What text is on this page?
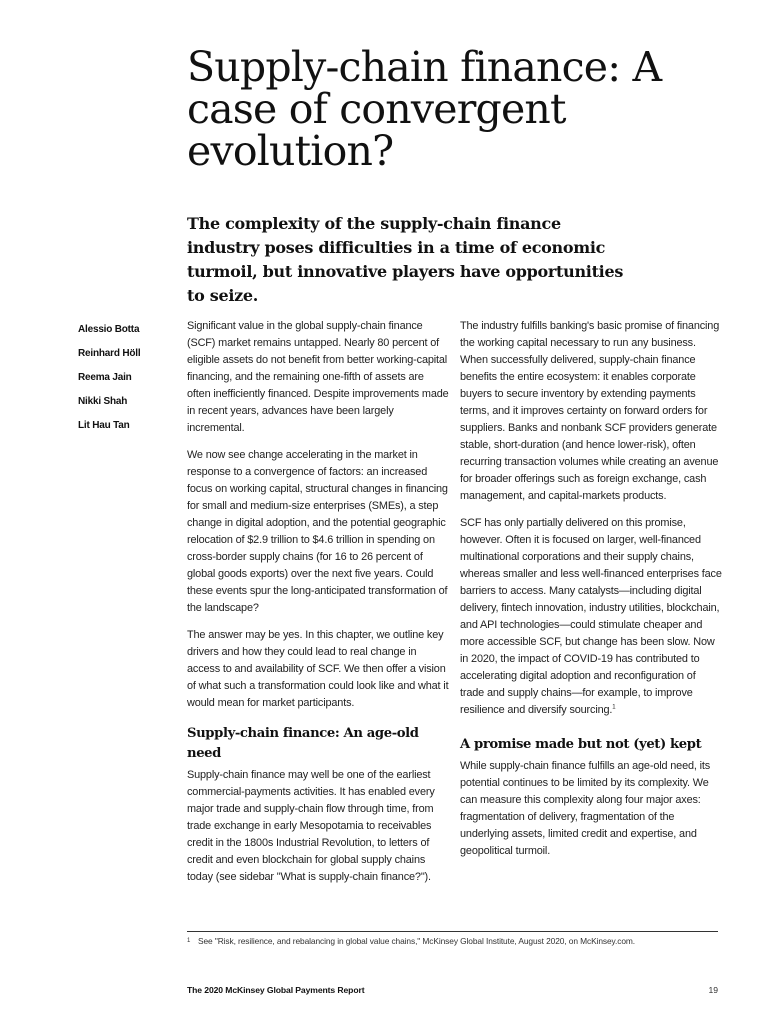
Supply-chain finance: A case of convergent evolution?

The complexity of the supply-chain finance industry poses difficulties in a time of economic turmoil, but innovative players have opportunities to seize.

Alessio Botta
Reinhard Höll
Reema Jain
Nikki Shah
Lit Hau Tan

Significant value in the global supply-chain finance (SCF) market remains untapped. Nearly 80 percent of eligible assets do not benefit from better working-capital financing, and the remaining one-fifth of assets are often inefficiently financed. Despite improvements made in recent years, advances have been largely incremental.

We now see change accelerating in the market in response to a convergence of factors: an increased focus on working capital, structural changes in financing for small and medium-size enterprises (SMEs), a step change in digital adoption, and the potential geographic relocation of $2.9 trillion to $4.6 trillion in spending on cross-border supply chains (for 16 to 26 percent of global goods exports) over the next five years. Could these events spur the long-anticipated transformation of the landscape?

The answer may be yes. In this chapter, we outline key drivers and how they could lead to real change in access to and availability of SCF. We then offer a vision of what such a transformation could look like and what it would mean for market participants.

Supply-chain finance: An age-old need

Supply-chain finance may well be one of the earliest commercial-payments activities. It has enabled every major trade and supply-chain flow through time, from trade exchange in early Mesopotamia to receivables credit in the 1800s Industrial Revolution, to letters of credit and even blockchain for global supply chains today (see sidebar "What is supply-chain finance?").

The industry fulfills banking's basic promise of financing the working capital necessary to run any business. When successfully delivered, supply-chain finance benefits the entire ecosystem: it enables corporate buyers to secure inventory by extending payments terms, and it improves certainty on forward orders for suppliers. Banks and nonbank SCF providers generate stable, short-duration (and hence lower-risk), often recurring transaction volumes while creating an avenue for broader offerings such as foreign exchange, cash management, and capital-markets products.

SCF has only partially delivered on this promise, however. Often it is focused on larger, well-financed multinational corporations and their supply chains, whereas smaller and less well-financed enterprises face barriers to access. Many catalysts—including digital delivery, fintech innovation, industry utilities, blockchain, and API technologies—could stimulate cheaper and more accessible SCF, but change has been slow. Now in 2020, the impact of COVID-19 has contributed to accelerating digital adoption and reconfiguration of trade and supply chains—for example, to improve resilience and diversify sourcing.$^1$

A promise made but not (yet) kept

While supply-chain finance fulfills an age-old need, its potential continues to be limited by its complexity. We can measure this complexity along four major axes: fragmentation of delivery, fragmentation of the underlying assets, limited credit and expertise, and geopolitical turmoil.

1 See "Risk, resilience, and rebalancing in global value chains," McKinsey Global Institute, August 2020, on McKinsey.com.
The 2020 McKinsey Global Payments Report	19
